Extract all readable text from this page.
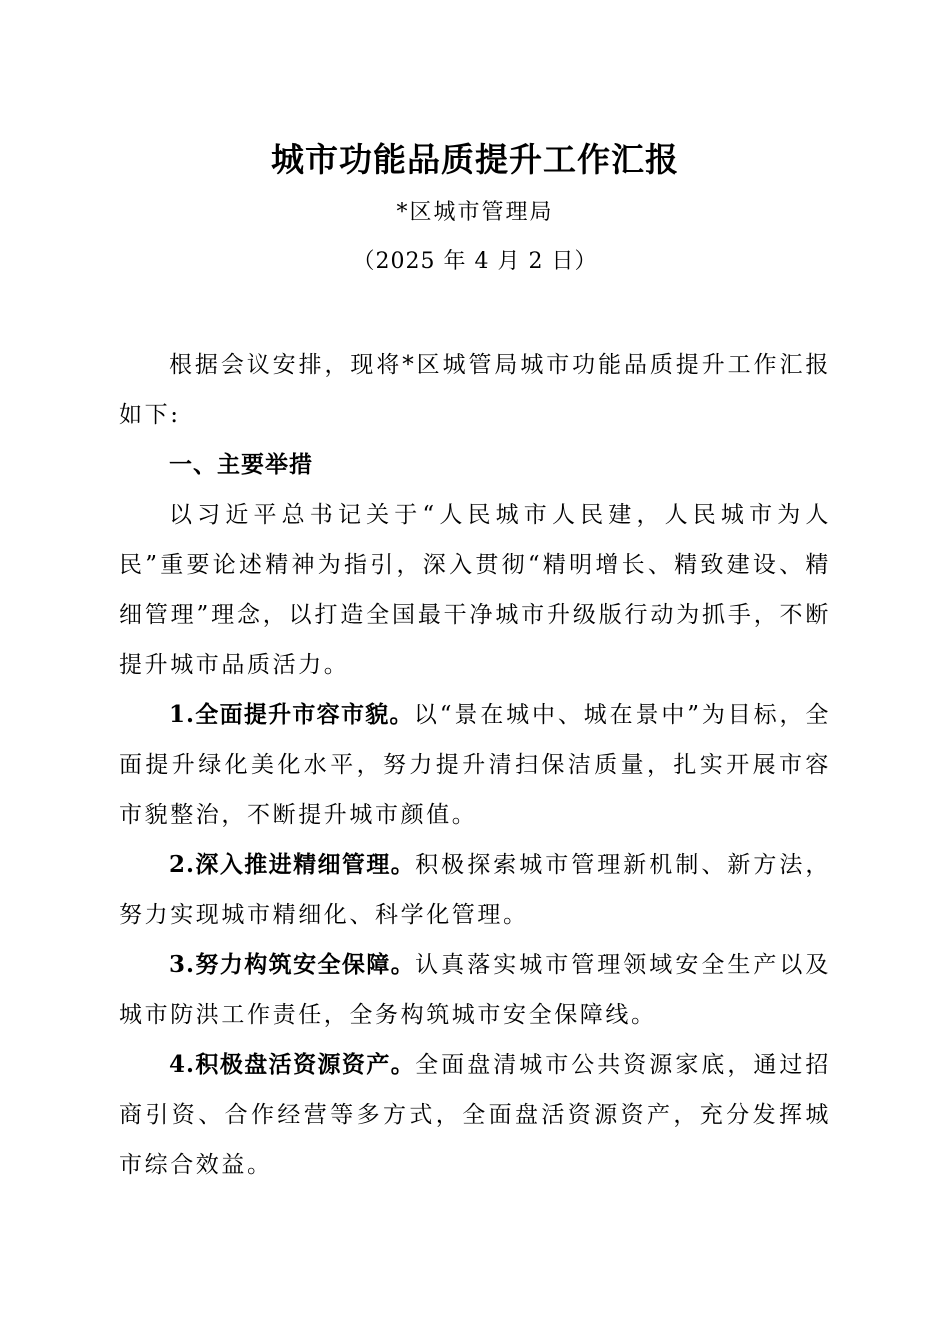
城市功能品质提升工作汇报
*区城市管理局
（2025 年 4 月 2 日）

根据会议安排，现将*区城管局城市功能品质提升工作汇报如下:

一、主要举措

以习近平总书记关于“人民城市人民建，人民城市为人民”重要论述精神为指引，深入贯彻“精明增长、精致建设、精细管理”理念，以打造全国最干净城市升级版行动为抓手，不断提升城市品质活力。

1.全面提升市容市貌。以“景在城中、城在景中”为目标，全面提升绿化美化水平，努力提升清扫保洁质量，扎实开展市容市貌整治，不断提升城市颜值。

2.深入推进精细管理。积极探索城市管理新机制、新方法，努力实现城市精细化、科学化管理。

3.努力构筑安全保障。认真落实城市管理领域安全生产以及城市防洪工作责任，全务构筑城市安全保障线。

4.积极盘活资源资产。全面盘清城市公共资源家底，通过招商引资、合作经营等多方式，全面盘活资源资产，充分发挥城市综合效益。
